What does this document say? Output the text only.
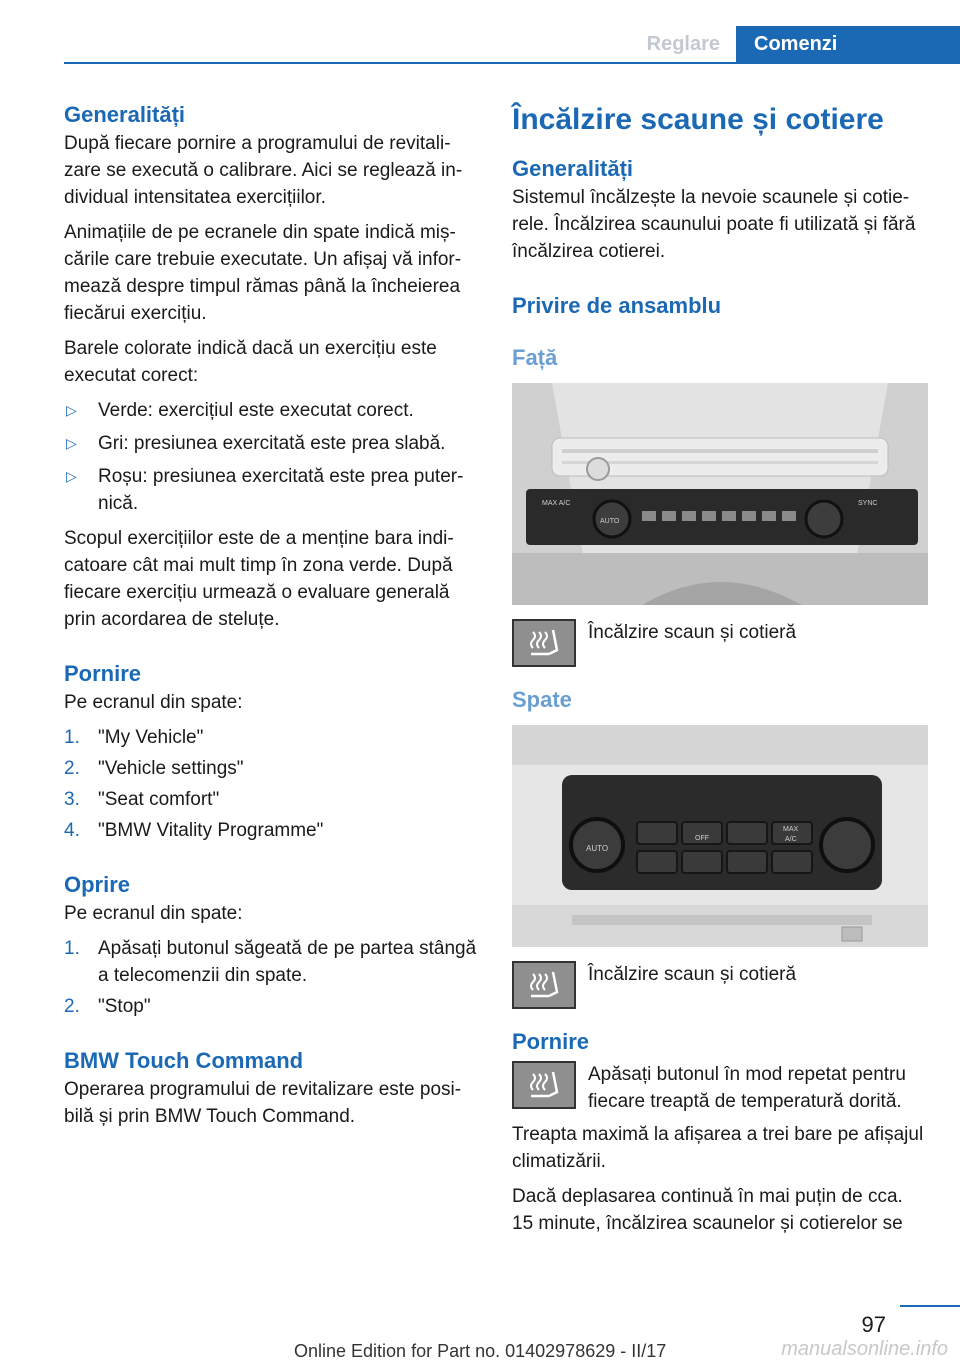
Reglare	Comenzi
Generalități

După fiecare pornire a programului de revitalizare se execută o calibrare. Aici se reglează individual intensitatea exercițiilor.

Animațiile de pe ecranele din spate indică mișcările care trebuie executate. Un afișaj vă informează despre timpul rămas până la încheierea fiecărui exercițiu.

Barele colorate indică dacă un exercițiu este executat corect:

▷ Verde: exercițiul este executat corect.
▷ Gri: presiunea exercitată este prea slabă.
▷ Roșu: presiunea exercitată este prea puternică.

Scopul exercițiilor este de a menține bara indicatoare cât mai mult timp în zona verde. După fiecare exercițiu urmează o evaluare generală prin acordarea de steluțe.

Pornire

Pe ecranul din spate:

1. "My Vehicle"
2. "Vehicle settings"
3. "Seat comfort"
4. "BMW Vitality Programme"
Oprire

Pe ecranul din spate:

1. Apăsați butonul săgeată de pe partea stângă a telecomenzii din spate.
2. "Stop"
BMW Touch Command

Operarea programului de revitalizare este posibilă și prin BMW Touch Command.

Încălzire scaune și cotiere
Generalități

Sistemul încălzește la nevoie scaunele și cotierele. Încălzirea scaunului poate fi utilizată și fără încălzirea cotierei.

Privire de ansamblu
Față
MAX A/C
AUTO
SYNC
Încălzire scaun și cotieră
Spate
AUTO
OFF
MAX
A/C
Încălzire scaun și cotieră
Pornire
Apăsați butonul în mod repetat pentru fiecare treaptă de temperatură dorită.

Treapta maximă la afișarea a trei bare pe afișajul climatizării.

Dacă deplasarea continuă în mai puțin de cca. 15 minute, încălzirea scaunelor și cotierelor se

97
Online Edition for Part no. 01402978629 - II/17	manualsonline.info
